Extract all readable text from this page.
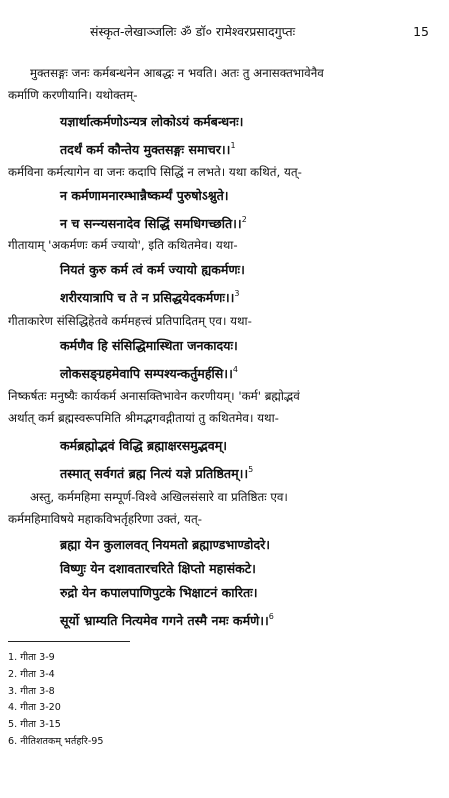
संस्कृत-लेखाञ्जलिः ॐ डॉ० रामेश्वरप्रसादगुप्तः	15
मुक्तसङ्गः जनः कर्मबन्धनेन आबद्धः न भवति। अतः तु अनासक्तभावेनैव
कर्माणि करणीयानि। यथोक्तम्-
यज्ञार्थात्कर्मणोऽन्यत्र लोकोऽयं कर्मबन्धनः।
तदर्थं कर्म कौन्तेय मुक्तसङ्गः समाचर।।$^1$
कर्मविना कर्मत्यागेन वा जनः कदापि सिद्धिं न लभते। यथा कथितं, यत्-
न कर्मणामनारम्भान्नैष्कर्म्यं पुरुषोऽश्नुते।
न च सन्न्यसनादेव सिद्धिं समधिगच्छति।।$^2$
गीतायाम् 'अकर्मणः कर्म ज्यायो', इति कथितमेव। यथा-
नियतं कुरु कर्म त्वं कर्म ज्यायो ह्यकर्मणः।
शरीरयात्रापि च ते न प्रसिद्धयेदकर्मणः।।$^3$
गीताकारेण संसिद्धिहेतवे कर्ममहत्त्वं प्रतिपादितम् एव। यथा-
कर्मणैव हि संसिद्धिमास्थिता जनकादयः।
लोकसङ्ग्रहमेवापि सम्पश्यन्कर्तुमर्हसि।।$^4$
निष्कर्षतः मनुष्यैः कार्यकर्म अनासक्तिभावेन करणीयम्। 'कर्म' ब्रह्मोद्भवं
अर्थात् कर्म ब्रह्मस्वरूपमिति श्रीमद्भगवद्गीतायां तु कथितमेव। यथा-
कर्मब्रह्मोद्भवं विद्धि ब्रह्माक्षरसमुद्भवम्।
तस्मात् सर्वगतं ब्रह्म नित्यं यज्ञे प्रतिष्ठितम्।।$^5$
अस्तु, कर्ममहिमा सम्पूर्ण-विश्वे अखिलसंसारे वा प्रतिष्ठितः एव।
कर्ममहिमाविषये महाकविभर्तृहरिणा उक्तं, यत्-
ब्रह्मा येन कुलालवत् नियमतो ब्रह्माण्डभाण्डोदरे।
विष्णुः येन दशावतारचरिते क्षिप्तो महासंकटे।
रुद्रो येन कपालपाणिपुटके भिक्षाटनं कारितः।
सूर्यो भ्राम्यति नित्यमेव गगने तस्मै नमः कर्मणे।।$^6$
1. गीता 3-9
2. गीता 3-4
3. गीता 3-8
4. गीता 3-20
5. गीता 3-15
6. नीतिशतकम् भर्तहरि-95
